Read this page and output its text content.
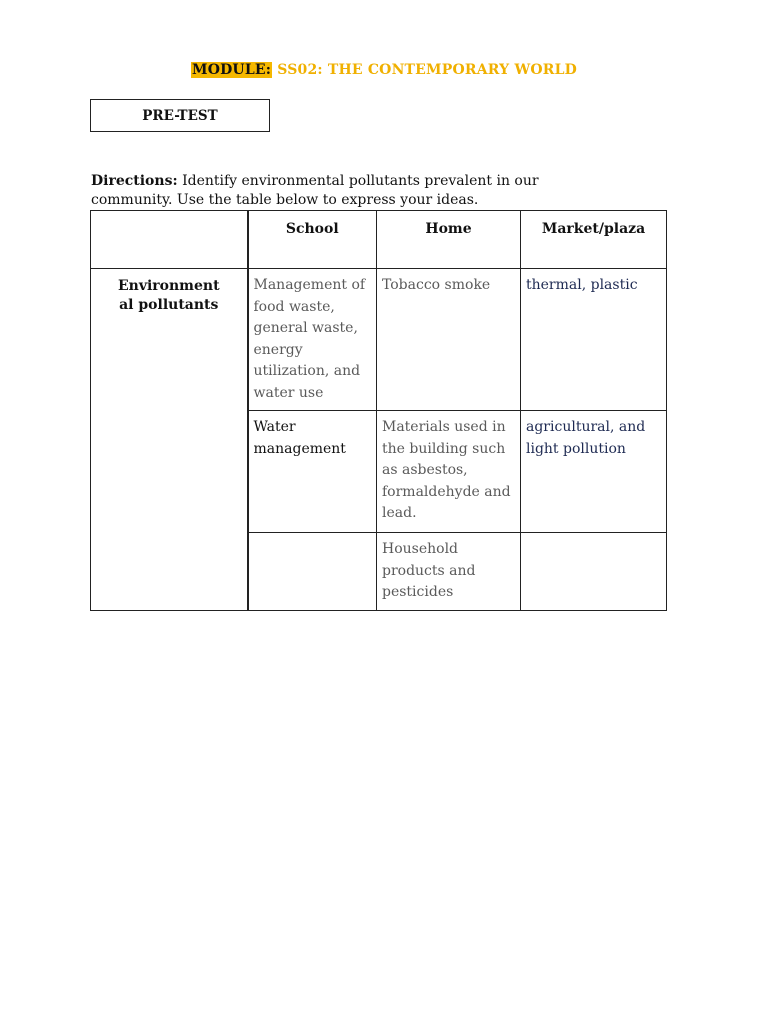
MODULE: SS02: THE CONTEMPORARY WORLD
PRE-TEST
Directions: Identify environmental pollutants prevalent in our community. Use the table below to express your ideas.
	School	Home	Market/plaza
Environment
al pollutants	Management of food waste, general waste, energy utilization, and water use	Tobacco smoke	thermal, plastic
	Water management	Materials used in the building such as asbestos, formaldehyde and lead.	agricultural, and light pollution
		Household products and pesticides	
